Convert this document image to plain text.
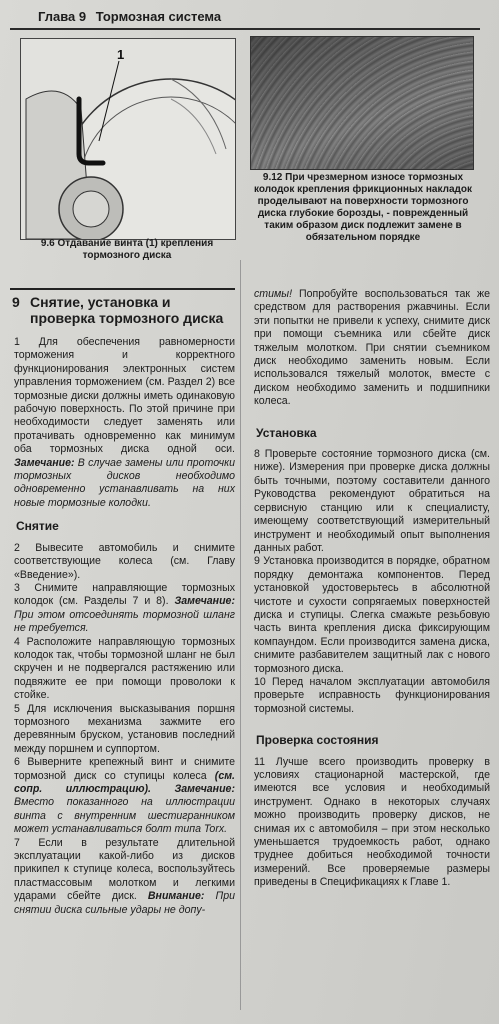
Глава 9 Тормозная система
1
9.6 Отдавание винта (1) крепления тормозного диска
9.12 При чрезмерном износе тормозных колодок крепления фрикционных накладок проделывают на поверхности тормозного диска глубокие борозды, - поврежденный таким образом диск подлежит замене в обязательном порядке
9 Снятие, установка и проверка тормозного диска
1 Для обеспечения равномерности торможения и корректного функционирования электронных систем управления торможением (см. Раздел 2) все тормозные диски должны иметь одинаковую рабочую поверхность. По этой причине при необходимости следует заменять или протачивать одновременно как минимум оба тормозных диска одной оси. Замечание: В случае замены или проточки тормозных дисков необходимо одновременно устанавливать на них новые тормозные колодки.
Снятие
2 Вывесите автомобиль и снимите соответствующие колеса (см. Главу «Введение»).
3 Снимите направляющие тормозных колодок (см. Разделы 7 и 8). Замечание: При этом отсоединять тормозной шланг не требуется.
4 Расположите направляющую тормозных колодок так, чтобы тормозной шланг не был скручен и не подвергался растяжению или подвяжите ее при помощи проволоки к стойке.
5 Для исключения высказывания поршня тормозного механизма зажмите его деревянным бруском, установив последний между поршнем и суппортом.
6 Выверните крепежный винт и снимите тормозной диск со ступицы колеса (см. сопр. иллюстрацию). Замечание: Вместо показанного на иллюстрации винта с внутренним шестигранником может устанавливаться болт типа Torx.
7 Если в результате длительной эксплуатации какой-либо из дисков прикипел к ступице колеса, воспользуйтесь пластмассовым молотком и легкими ударами сбейте диск. Внимание: При снятии диска сильные удары не допу-
стимы! Попробуйте воспользоваться так же средством для растворения ржавчины. Если эти попытки не привели к успеху, снимите диск при помощи съемника или сбейте диск тяжелым молотком. При снятии съемником диск необходимо заменить новым. Если использовался тяжелый молоток, вместе с диском необходимо заменить и подшипники колеса.
Установка
8 Проверьте состояние тормозного диска (см. ниже). Измерения при проверке диска должны быть точными, поэтому составители данного Руководства рекомендуют обратиться на сервисную станцию или к специалисту, имеющему соответствующий измерительный инструмент и необходимый опыт выполнения данных работ.
9 Установка производится в порядке, обратном порядку демонтажа компонентов. Перед установкой удостоверьтесь в абсолютной чистоте и сухости сопрягаемых поверхностей диска и ступицы. Слегка смажьте резьбовую часть винта крепления диска фиксирующим компаундом. Если производится замена диска, снимите разбавителем защитный лак с нового тормозного диска.
10 Перед началом эксплуатации автомобиля проверьте исправность функционирования тормозной системы.
Проверка состояния
11 Лучше всего производить проверку в условиях стационарной мастерской, где имеются все условия и необходимый инструмент. Однако в некоторых случаях можно производить проверку дисков, не снимая их с автомобиля – при этом несколько уменьшается трудоемкость работ, однако труднее добиться необходимой точности измерений. Все проверяемые размеры приведены в Спецификациях к Главе 1.
